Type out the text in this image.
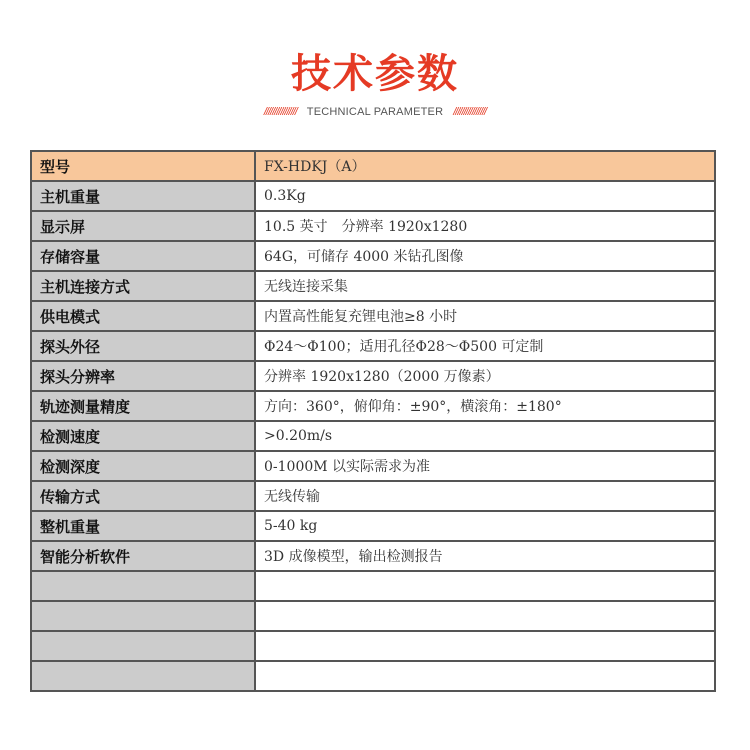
技术参数
//////////////// TECHNICAL PARAMETER ////////////////
型号	FX-HDKJ（A）
主机重量	0.3Kg
显示屏	10.5 英寸　分辨率 1920x1280
存储容量	64G，可储存 4000 米钻孔图像
主机连接方式	无线连接采集
供电模式	内置高性能复充锂电池≥8 小时
探头外径	Φ24～Φ100；适用孔径Φ28～Φ500 可定制
探头分辨率	分辨率 1920x1280（2000 万像素）
轨迹测量精度	方向：360°，俯仰角：±90°，横滚角：±180°
检测速度	>0.20m/s
检测深度	0-1000M 以实际需求为准
传输方式	无线传输
整机重量	5-40 kg
智能分析软件	3D 成像模型，输出检测报告
